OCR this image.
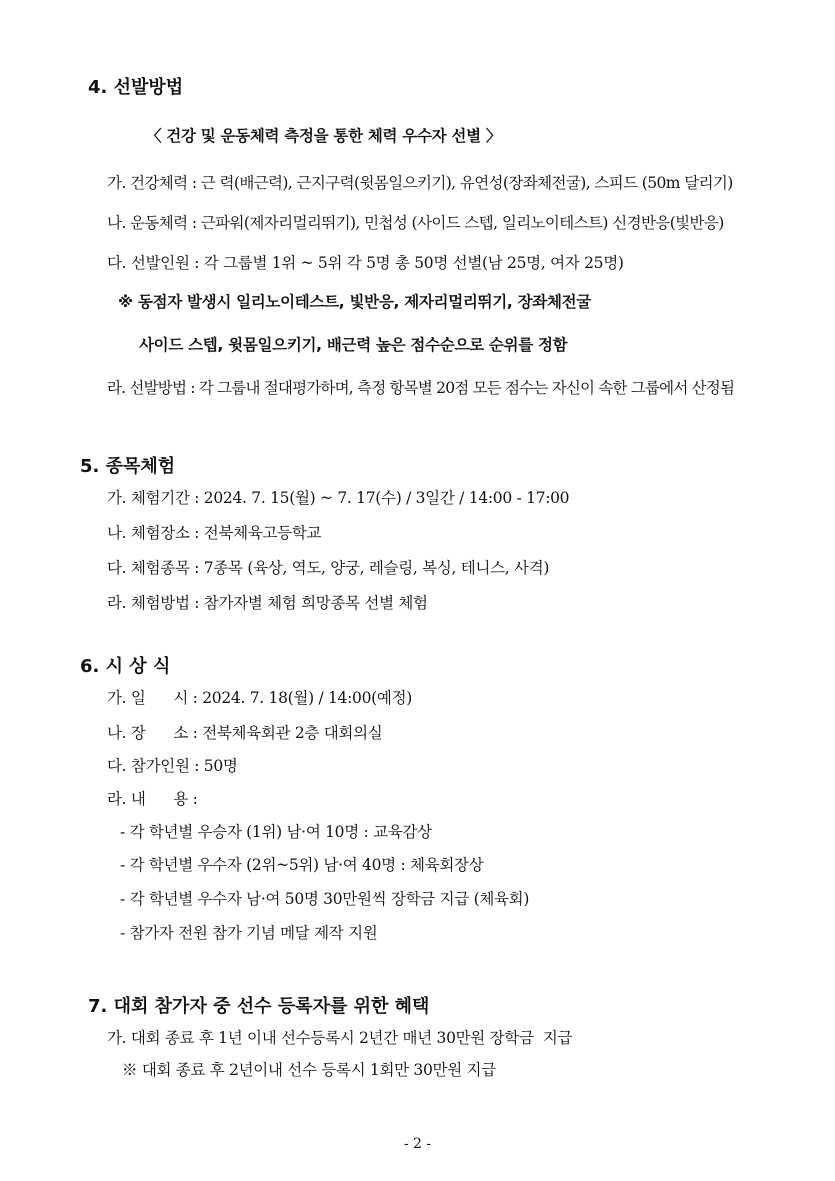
4. 선발방법
〈 건강 및 운동체력 측정을 통한 체력 우수자 선별 〉
가. 건강체력 : 근 력(배근력), 근지구력(윗몸일으키기), 유연성(장좌체전굴), 스피드 (50m 달리기)
나. 운동체력 : 근파워(제자리멀리뛰기), 민첩성 (사이드 스텝, 일리노이테스트) 신경반응(빛반응)
다. 선발인원 : 각 그룹별 1위 ~ 5위 각 5명 총 50명 선별(남 25명, 여자 25명)
※ 동점자 발생시 일리노이테스트, 빛반응, 제자리멀리뛰기, 장좌체전굴
사이드 스텝, 윗몸일으키기, 배근력 높은 점수순으로 순위를 정함
라. 선발방법 : 각 그룹내 절대평가하며, 측정 항목별 20점 모든 점수는 자신이 속한 그룹에서 산정됨
5. 종목체험
가. 체험기간 : 2024. 7. 15(월) ~ 7. 17(수) / 3일간 / 14:00 - 17:00
나. 체험장소 : 전북체육고등학교
다. 체험종목 : 7종목 (육상, 역도, 양궁, 레슬링, 복싱, 테니스, 사격)
라. 체험방법 : 참가자별 체험 희망종목 선별 체험
6. 시 상 식
가. 일      시 : 2024. 7. 18(월) / 14:00(예정)
나. 장      소 : 전북체육회관 2층 대회의실
다. 참가인원 : 50명
라. 내      용 :
- 각 학년별 우승자 (1위) 남·여 10명 : 교육감상
- 각 학년별 우수자 (2위~5위) 남·여 40명 : 체육회장상
- 각 학년별 우수자 남·여 50명 30만원씩 장학금 지급 (체육회)
- 참가자 전원 참가 기념 메달 제작 지원
7. 대회 참가자 중 선수 등록자를 위한 혜택
가. 대회 종료 후 1년 이내 선수등록시 2년간 매년 30만원 장학금  지급
※ 대회 종료 후 2년이내 선수 등록시 1회만 30만원 지급
- 2 -
